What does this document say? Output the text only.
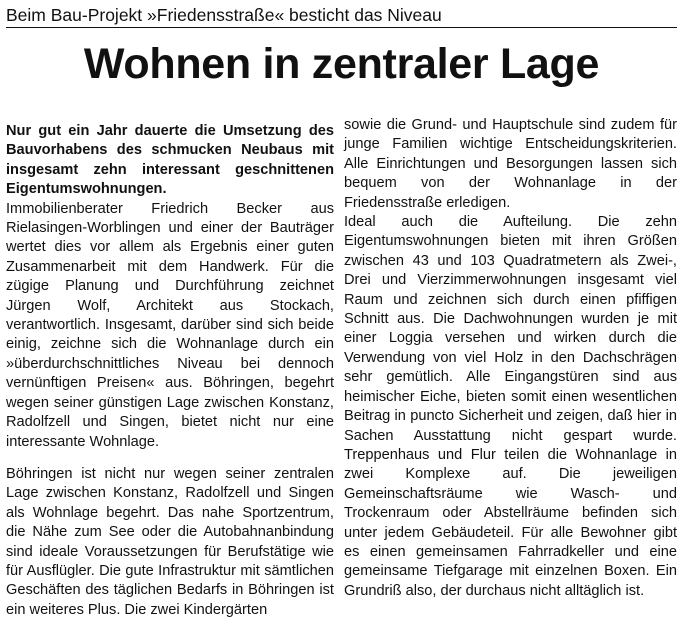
Beim Bau-Projekt »Friedensstraße« besticht das Niveau
Wohnen in zentraler Lage

Nur gut ein Jahr dauerte die Umsetzung des Bauvorhabens des schmucken Neubaus mit insgesamt zehn interessant geschnittenen Eigentumswohnungen.

Immobilienberater Friedrich Becker aus Rielasingen-Worblingen und einer der Bauträger wertet dies vor allem als Ergebnis einer guten Zusammenarbeit mit dem Handwerk. Für die zügige Planung und Durchführung zeichnet Jürgen Wolf, Architekt aus Stockach, verantwortlich. Insgesamt, darüber sind sich beide einig, zeichne sich die Wohnanlage durch ein »überdurchschnittliches Niveau bei dennoch vernünftigen Preisen« aus. Böhringen, begehrt wegen seiner günstigen Lage zwischen Konstanz, Radolfzell und Singen, bietet nicht nur eine interessante Wohnlage.

Böhringen ist nicht nur wegen seiner zentralen Lage zwischen Konstanz, Radolfzell und Singen als Wohnlage begehrt. Das nahe Sportzentrum, die Nähe zum See oder die Autobahnanbindung sind ideale Voraussetzungen für Berufstätige wie für Ausflügler. Die gute Infrastruktur mit sämtlichen Geschäften des täglichen Bedarfs in Böhringen ist ein weiteres Plus. Die zwei Kindergärten

sowie die Grund- und Hauptschule sind zudem für junge Familien wichtige Entscheidungskriterien. Alle Einrichtungen und Besorgungen lassen sich bequem von der Wohnanlage in der Friedensstraße erledigen.

Ideal auch die Aufteilung. Die zehn Eigentumswohnungen bieten mit ihren Größen zwischen 43 und 103 Quadratmetern als Zwei-, Drei und Vierzimmerwohnungen insgesamt viel Raum und zeichnen sich durch einen pfiffigen Schnitt aus. Die Dachwohnungen wurden je mit einer Loggia versehen und wirken durch die Verwendung von viel Holz in den Dachschrägen sehr gemütlich. Alle Eingangstüren sind aus heimischer Eiche, bieten somit einen wesentlichen Beitrag in puncto Sicherheit und zeigen, daß hier in Sachen Ausstattung nicht gespart wurde. Treppenhaus und Flur teilen die Wohnanlage in zwei Komplexe auf. Die jeweiligen Gemeinschaftsräume wie Wasch- und Trockenraum oder Abstellräume befinden sich unter jedem Gebäudeteil. Für alle Bewohner gibt es einen gemeinsamen Fahrradkeller und eine gemeinsame Tiefgarage mit einzelnen Boxen. Ein Grundriß also, der durchaus nicht alltäglich ist.
